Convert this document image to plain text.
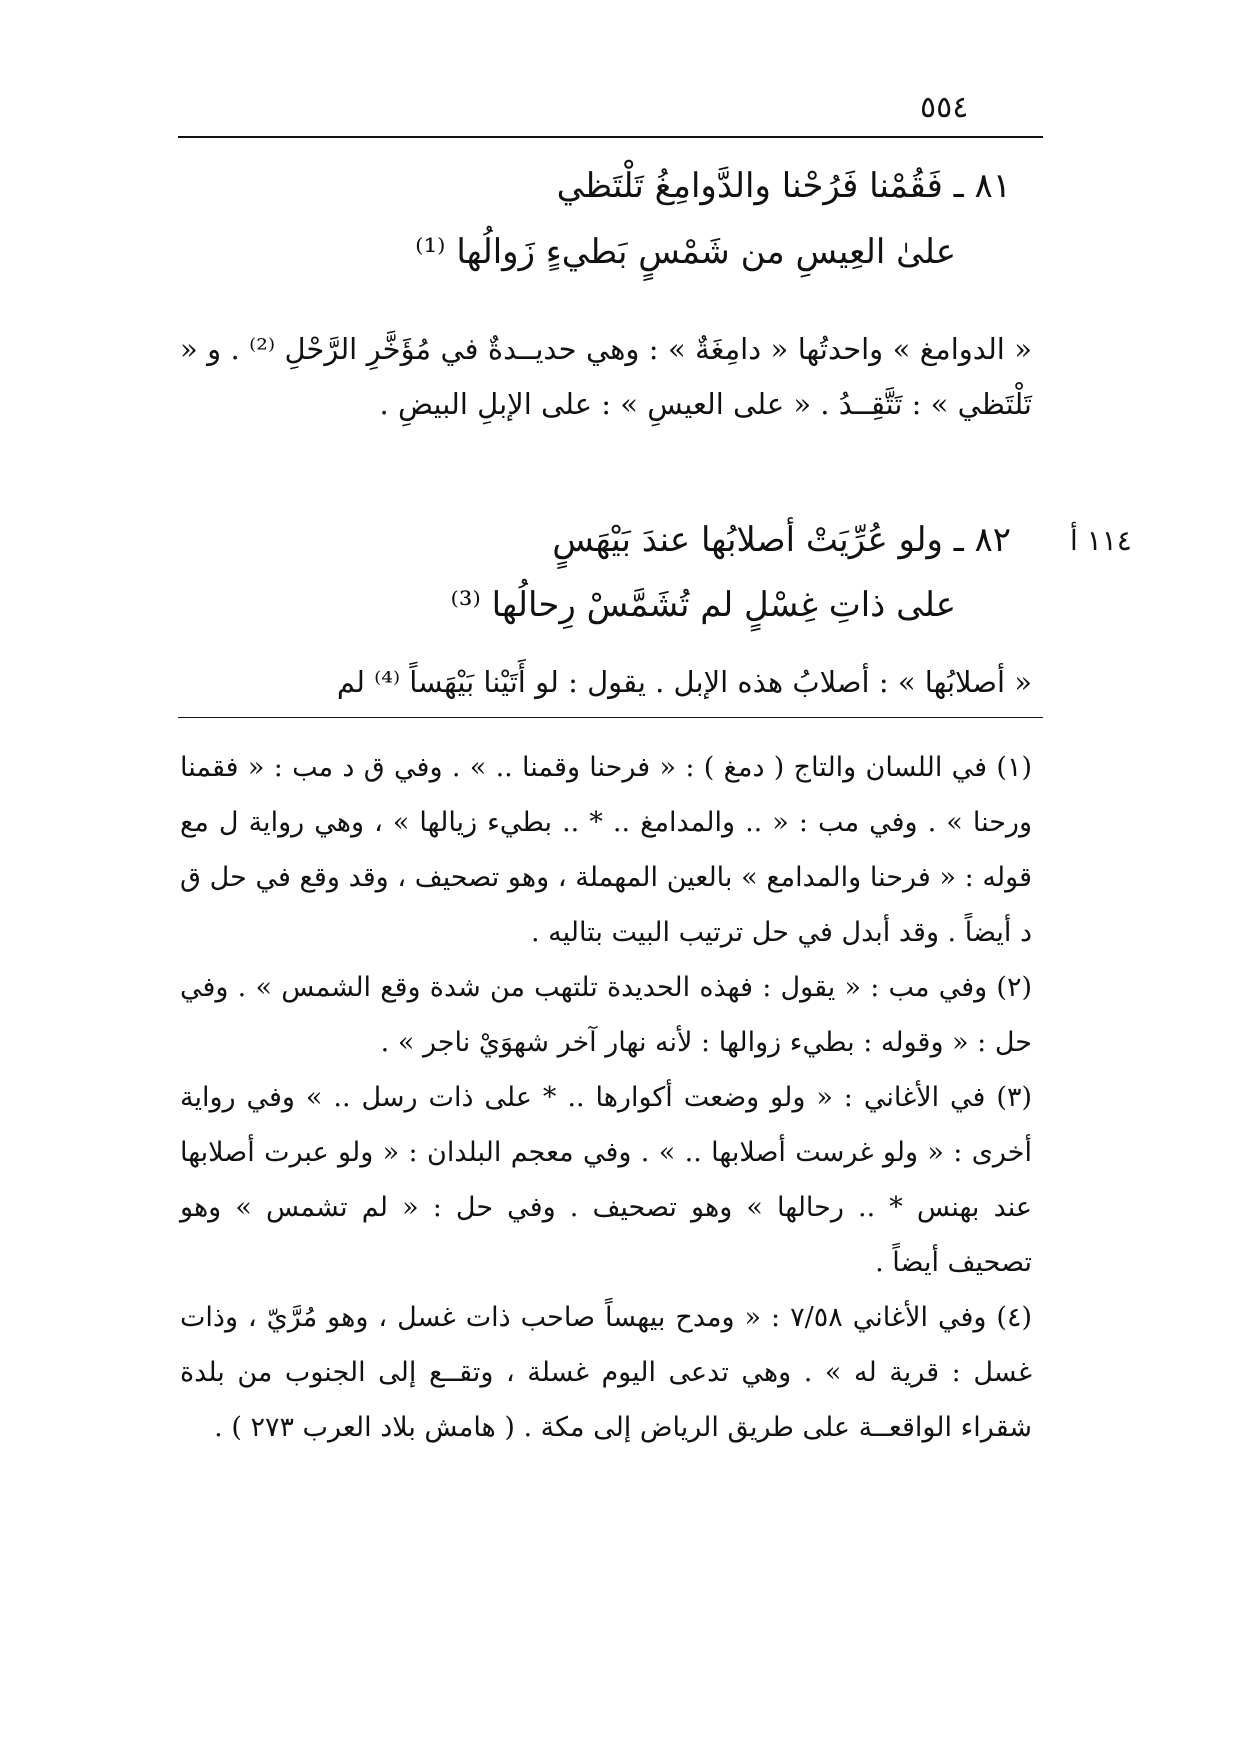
٥٥٤
٨١ ـ فَقُمْنا فَرُحْنا والدَّوامِغُ تَلْتَظي
علىٰ العِيسِ من شَمْسٍ بَطيءٍ زَوالُها ⁽¹⁾
« الدوامغ » واحدتُها « دامِغَةٌ » : وهي حديــدةٌ في مُؤَخَّرِ الرَّحْلِ ⁽²⁾ . و « تَلْتَظي » : تَتَّقِــدُ . « على العيسِ » : على الإبلِ البيضِ .
١١٤ أ
٨٢ ـ ولو عُرِّيَتْ أصلابُها عندَ بَيْهَسٍ
على ذاتِ غِسْلٍ لم تُشَمَّسْ رِحالُها ⁽³⁾
« أصلابُها » : أصلابُ هذه الإبل . يقول : لو أَتَيْنا بَيْهَساً ⁽⁴⁾ لم
(١) في اللسان والتاج ( دمغ ) : « فرحنا وقمنا .. » . وفي ق د مب : « فقمنا ورحنا » . وفي مب : « .. والمدامغ .. * .. بطيء زيالها » ، وهي رواية ل مع قوله : « فرحنا والمدامع » بالعين المهملة ، وهو تصحيف ، وقد وقع في حل ق د أيضاً . وقد أبدل في حل ترتيب البيت بتاليه .
(٢) وفي مب : « يقول : فهذه الحديدة تلتهب من شدة وقع الشمس » . وفي حل : « وقوله : بطيء زوالها : لأنه نهار آخر شهوَيْ ناجر » .
(٣) في الأغاني : « ولو وضعت أكوارها .. * على ذات رسل .. » وفي رواية أخرى : « ولو غرست أصلابها .. » . وفي معجم البلدان : « ولو عبرت أصلابها عند بهنس * .. رحالها » وهو تصحيف . وفي حل : « لم تشمس » وهو تصحيف أيضاً .
(٤) وفي الأغاني ٧/٥٨ : « ومدح بيهساً صاحب ذات غسل ، وهو مُرَّيّ ، وذات غسل : قرية له » . وهي تدعى اليوم غسلة ، وتقــع إلى الجنوب من بلدة شقراء الواقعــة على طريق الرياض إلى مكة . ( هامش بلاد العرب ٢٧٣ ) .
